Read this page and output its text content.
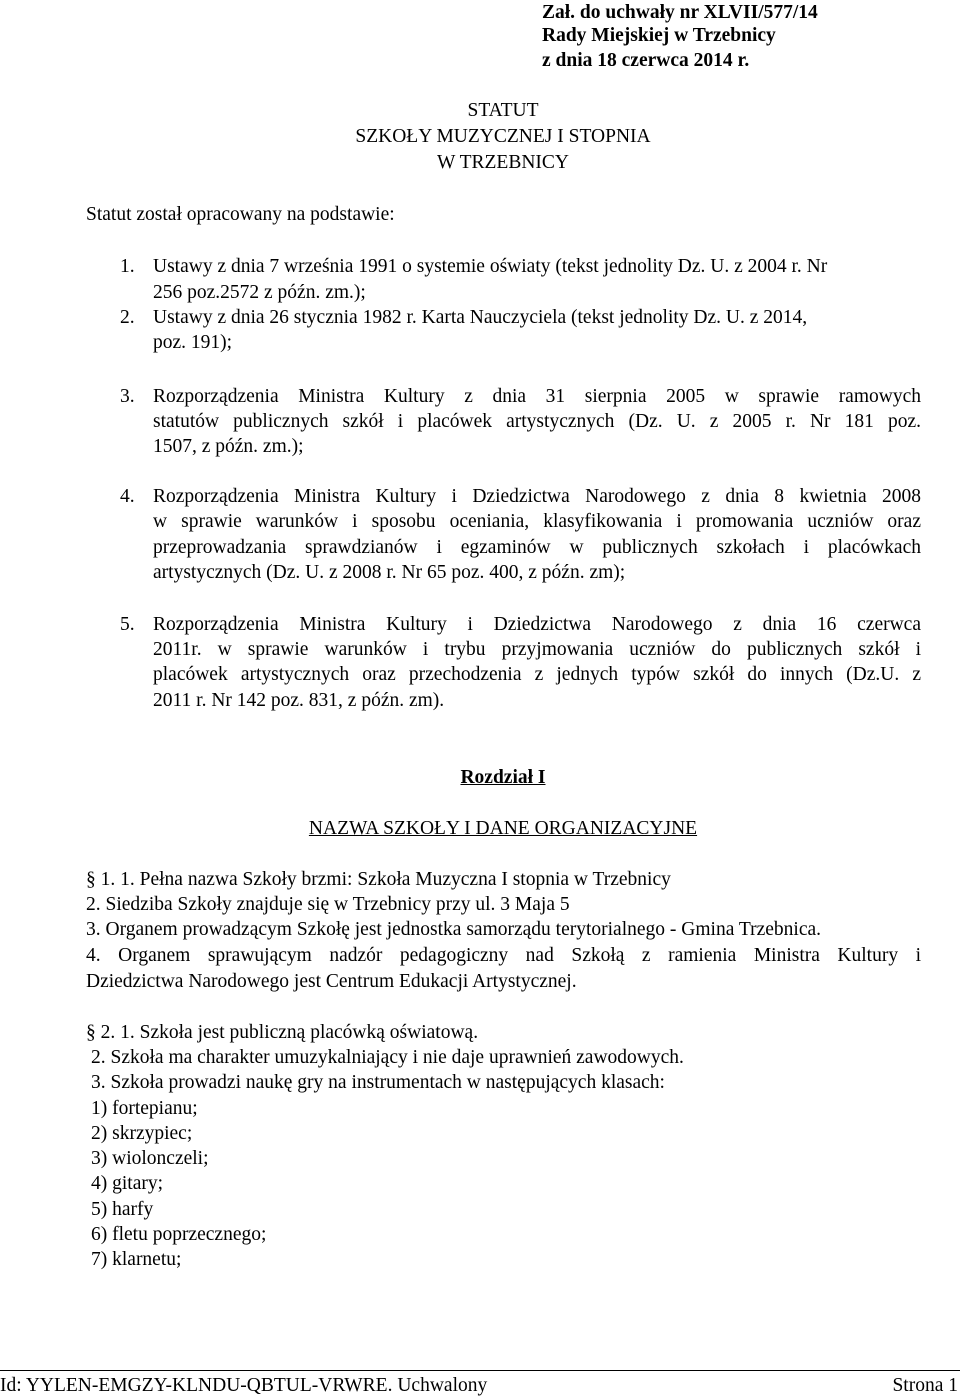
Zał. do uchwały nr XLVII/577/14
Rady Miejskiej w Trzebnicy
z dnia 18 czerwca 2014 r.
STATUT
SZKOŁY MUZYCZNEJ I STOPNIA
W TRZEBNICY
Statut został opracowany na podstawie:
1. Ustawy z dnia 7 września 1991 o systemie oświaty (tekst jednolity Dz. U. z 2004 r. Nr
256 poz.2572 z późn. zm.);
2. Ustawy z dnia 26 stycznia 1982 r. Karta Nauczyciela (tekst jednolity Dz. U. z 2014,
poz. 191);
3. Rozporządzenia Ministra Kultury z dnia 31 sierpnia 2005 w sprawie ramowych
statutów publicznych szkół i placówek artystycznych (Dz. U. z 2005 r. Nr 181 poz.
1507, z późn. zm.);
4. Rozporządzenia Ministra Kultury i Dziedzictwa Narodowego z dnia 8 kwietnia 2008
w sprawie warunków i sposobu oceniania, klasyfikowania i promowania uczniów oraz
przeprowadzania sprawdzianów i egzaminów w publicznych szkołach i placówkach
artystycznych (Dz. U. z 2008 r. Nr 65 poz. 400, z późn. zm);
5. Rozporządzenia Ministra Kultury i Dziedzictwa Narodowego z dnia 16 czerwca
2011r. w sprawie warunków i trybu przyjmowania uczniów do publicznych szkół i
placówek artystycznych oraz przechodzenia z jednych typów szkół do innych (Dz.U. z
2011 r. Nr 142 poz. 831, z późn. zm).
Rozdział I
NAZWA SZKOŁY I DANE ORGANIZACYJNE
§ 1. 1. Pełna nazwa Szkoły brzmi: Szkoła Muzyczna I stopnia w Trzebnicy
2. Siedziba Szkoły znajduje się w Trzebnicy przy ul. 3 Maja 5
3. Organem prowadzącym Szkołę jest jednostka samorządu terytorialnego - Gmina Trzebnica.
4. Organem sprawującym nadzór pedagogiczny nad Szkołą z ramienia Ministra Kultury i
Dziedzictwa Narodowego jest Centrum Edukacji Artystycznej.
§ 2. 1. Szkoła jest publiczną placówką oświatową.
2. Szkoła ma charakter umuzykalniający i nie daje uprawnień zawodowych.
3. Szkoła prowadzi naukę gry na instrumentach w następujących klasach:
1) fortepianu;
2) skrzypiec;
3) wiolonczeli;
4) gitary;
5) harfy
6) fletu poprzecznego;
7) klarnetu;
Id: YYLEN-EMGZY-KLNDU-QBTUL-VRWRE. Uchwalony	Strona 1
